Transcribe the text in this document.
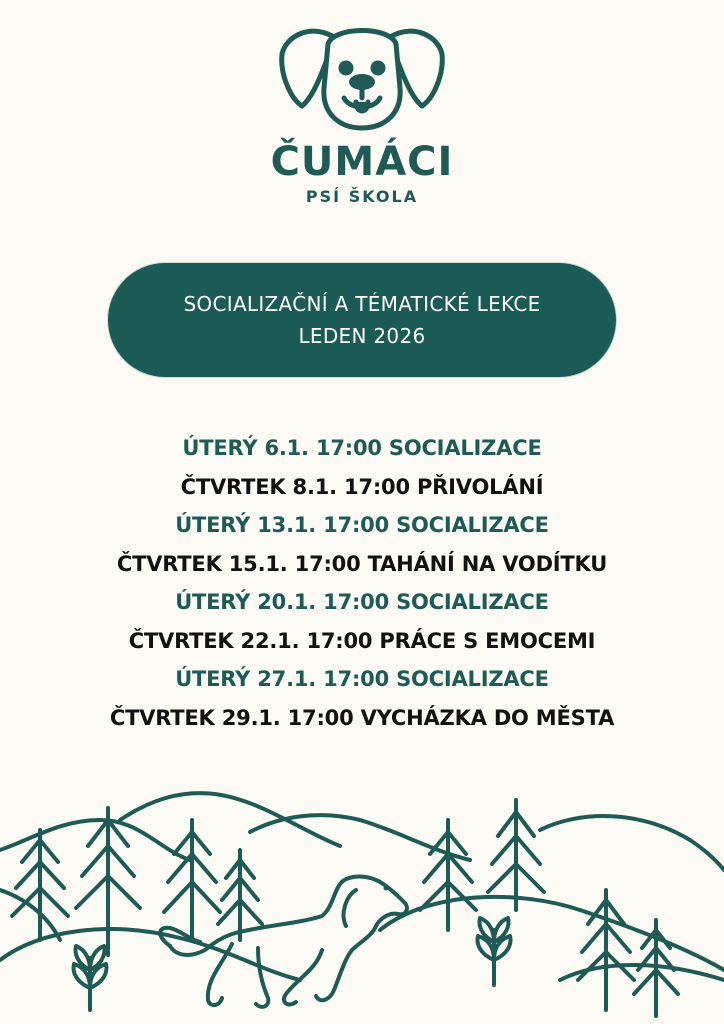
ČUMÁCI
PSÍ ŠKOLA
SOCIALIZAČNÍ A TÉMATICKÉ LEKCE
LEDEN 2026
ÚTERÝ 6.1. 17:00 SOCIALIZACE
ČTVRTEK 8.1. 17:00 PŘIVOLÁNÍ
ÚTERÝ 13.1. 17:00 SOCIALIZACE
ČTVRTEK 15.1. 17:00 TAHÁNÍ NA VODÍTKU
ÚTERÝ 20.1. 17:00 SOCIALIZACE
ČTVRTEK 22.1. 17:00 PRÁCE S EMOCEMI
ÚTERÝ 27.1. 17:00 SOCIALIZACE
ČTVRTEK 29.1. 17:00 VYCHÁZKA DO MĚSTA
